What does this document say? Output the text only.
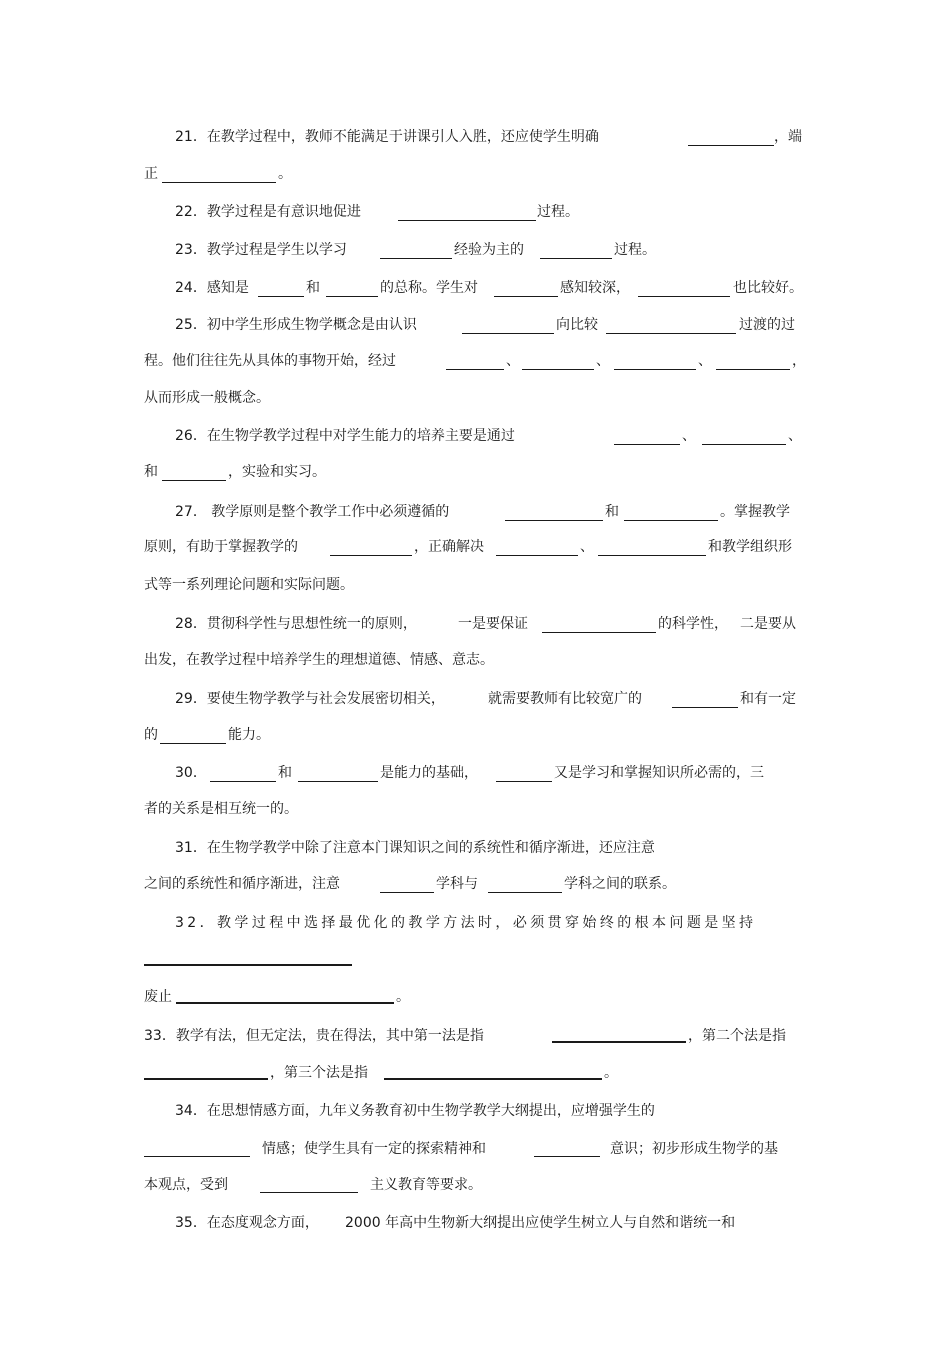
21．在教学过程中，教师不能满足于讲课引人入胜，还应使学生明确	，端
正	。
22．教学过程是有意识地促进	过程。
23．教学过程是学生以学习	经验为主的	过程。
24．感知是	和	的总称。学生对	感知较深，	也比较好。
25．初中学生形成生物学概念是由认识	向比较	过渡的过
程。他们往往先从具体的事物开始，经过	、	、	、	，
从而形成一般概念。
26．在生物学教学过程中对学生能力的培养主要是通过	、	、
和	，实验和实习。
27． 教学原则是整个教学工作中必须遵循的	和	。掌握教学
原则，有助于掌握教学的	，正确解决	、	和教学组织形
式等一系列理论问题和实际问题。
28．贯彻科学性与思想性统一的原则，	一是要保证	的科学性， 二是要从
出发，在教学过程中培养学生的理想道德、情感、意志。
29．要使生物学教学与社会发展密切相关，	就需要教师有比较宽广的	和有一定
的	能力。
30．	和	是能力的基础，	又是学习和掌握知识所必需的，三
者的关系是相互统一的。
31．在生物学教学中除了注意本门课知识之间的系统性和循序渐进，还应注意
之间的系统性和循序渐进，注意	学科与	学科之间的联系。
32．教学过程中选择最优化的教学方法时，必须贯穿始终的根本问题是坚持
废止	。
33．教学有法，但无定法，贵在得法，其中第一法是指	，第二个法是指
，第三个法是指	。
34．在思想情感方面，九年义务教育初中生物学教学大纲提出，应增强学生的
情感；使学生具有一定的探索精神和	意识；初步形成生物学的基
本观点，受到	主义教育等要求。
35．在态度观念方面， 2000 年高中生物新大纲提出应使学生树立人与自然和谐统一和
